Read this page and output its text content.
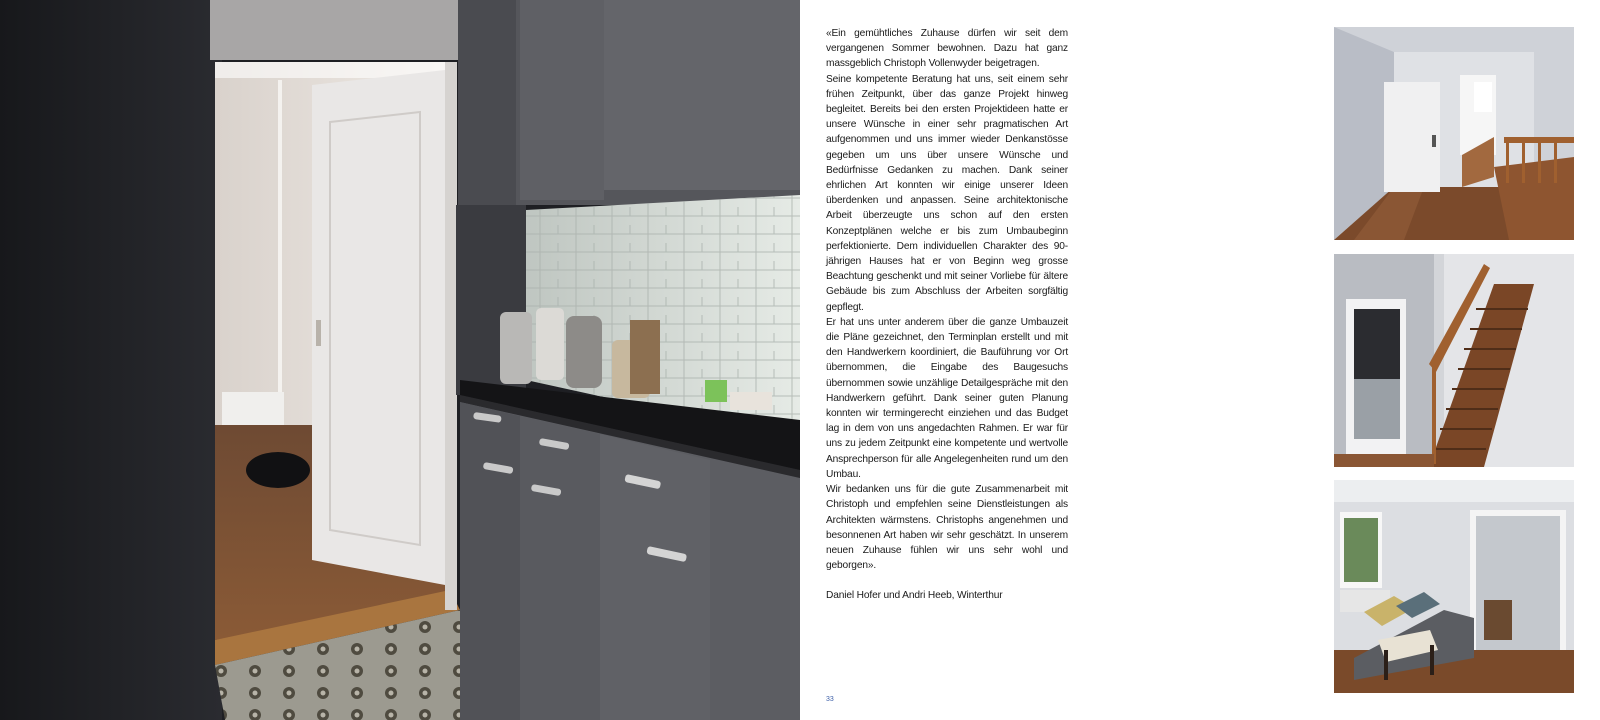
«Ein gemühtliches Zuhause dürfen wir seit dem vergangenen Sommer bewohnen. Dazu hat ganz massgeblich Christoph Vollenwyder beigetragen.

Seine kompetente Beratung hat uns, seit einem sehr frühen Zeitpunkt, über das ganze Projekt hinweg begleitet. Bereits bei den ersten Projektideen hatte er unsere Wünsche in einer sehr pragmatischen Art aufgenommen und uns immer wieder Denkanstösse gegeben um uns über unsere Wünsche und Bedürfnisse Gedanken zu machen. Dank seiner ehrlichen Art konnten wir einige unserer Ideen überdenken und anpassen. Seine architektonische Arbeit überzeugte uns schon auf den ersten Konzeptplänen welche er bis zum Umbaubeginn perfektionierte. Dem individuellen Charakter des 90-jährigen Hauses hat er von Beginn weg grosse Beachtung geschenkt und mit seiner Vorliebe für ältere Gebäude bis zum Abschluss der Arbeiten sorgfältig gepflegt.

Er hat uns unter anderem über die ganze Umbauzeit die Pläne gezeichnet, den Terminplan erstellt und mit den Handwerkern koordiniert, die Bauführung vor Ort übernommen, die Eingabe des Baugesuchs übernommen sowie unzählige Detailgespräche mit den Handwerkern geführt. Dank seiner guten Planung konnten wir termingerecht einziehen und das Budget lag in dem von uns angedachten Rahmen. Er war für uns zu jedem Zeitpunkt eine kompetente und wertvolle Ansprechperson für alle Angelegenheiten rund um den Umbau.

Wir bedanken uns für die gute Zusammenarbeit mit Christoph und empfehlen seine Dienstleistungen als Architekten wärmstens. Christophs angenehmen und besonnenen Art haben wir sehr geschätzt. In unserem neuen Zuhause fühlen wir uns sehr wohl und geborgen».

Daniel Hofer und Andri Heeb, Winterthur

33
